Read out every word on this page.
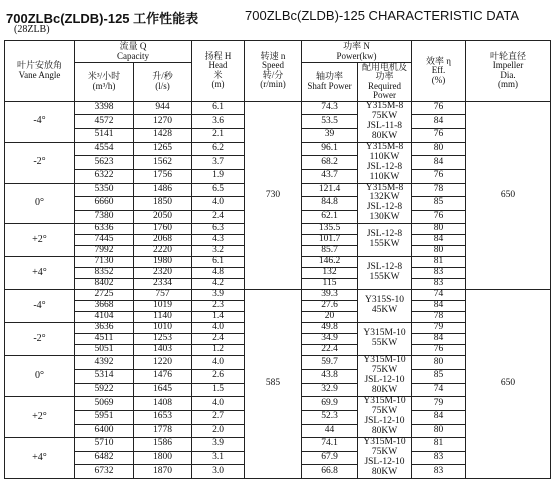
700ZLBc(ZLDB)-125 工作性能表	700ZLBc(ZLDB)-125 CHARACTERISTIC DATA
(28ZLB)
叶片安放角
Vane Angle	流量 Q
Capacity		扬程 H
Head
米
(m)	转速 n
Speed
转/分
(r/min)	功率 N
Power(kw)		效率 η
Eff.
(%)	叶轮直径
Impeller
Dia.
(mm)
	米³/小时
(m³/h)	升/秒
(l/s)			轴功率
Shaft Power	配用电机及功率
Required Power		
-4°	3398	944	6.1	730	74.3	Y315M-8
75KW
JSL-11-8
80KW	76	650
	4572	1270	3.6		53.5		84	
	5141	1428	2.1		39		76	
-2°	4554	1265	6.2		96.1	Y315M-8
110KW
JSL-12-8
110KW	80	
	5623	1562	3.7		68.2		84	
	6322	1756	1.9		43.7		76	
0°	5350	1486	6.5		121.4	Y315M-8
132KW
JSL-12-8
130KW	78	
	6660	1850	4.0		84.8		85	
	7380	2050	2.4		62.1		76	
+2°	6336	1760	6.3		135.5	JSL-12-8
155KW	80	
	7445	2068	4.3		101.7		84	
	7992	2220	3.2		85.7		80	
+4°	7130	1980	6.1		146.2	JSL-12-8
155KW	81	
	8352	2320	4.8		132		83	
	8402	2334	4.2		115		83	
-4°	2725	757	3.9	585	39.3	Y315S-10
45KW	74	650
	3668	1019	2.3		27.6		84	
	4104	1140	1.4		20		78	
-2°	3636	1010	4.0		49.8	Y315M-10
55KW	79	
	4511	1253	2.4		34.9		84	
	5051	1403	1.2		22.4		76	
0°	4392	1220	4.0		59.7	Y315M-10
75KW
JSL-12-10
80KW	80	
	5314	1476	2.6		43.8		85	
	5922	1645	1.5		32.9		74	
+2°	5069	1408	4.0		69.9	Y315M-10
75KW
JSL-12-10
80KW	79	
	5951	1653	2.7		52.3		84	
	6400	1778	2.0		44		80	
+4°	5710	1586	3.9		74.1	Y315M-10
75KW
JSL-12-10
80KW	81	
	6482	1800	3.1		67.9		83	
	6732	1870	3.0		66.8		83	
